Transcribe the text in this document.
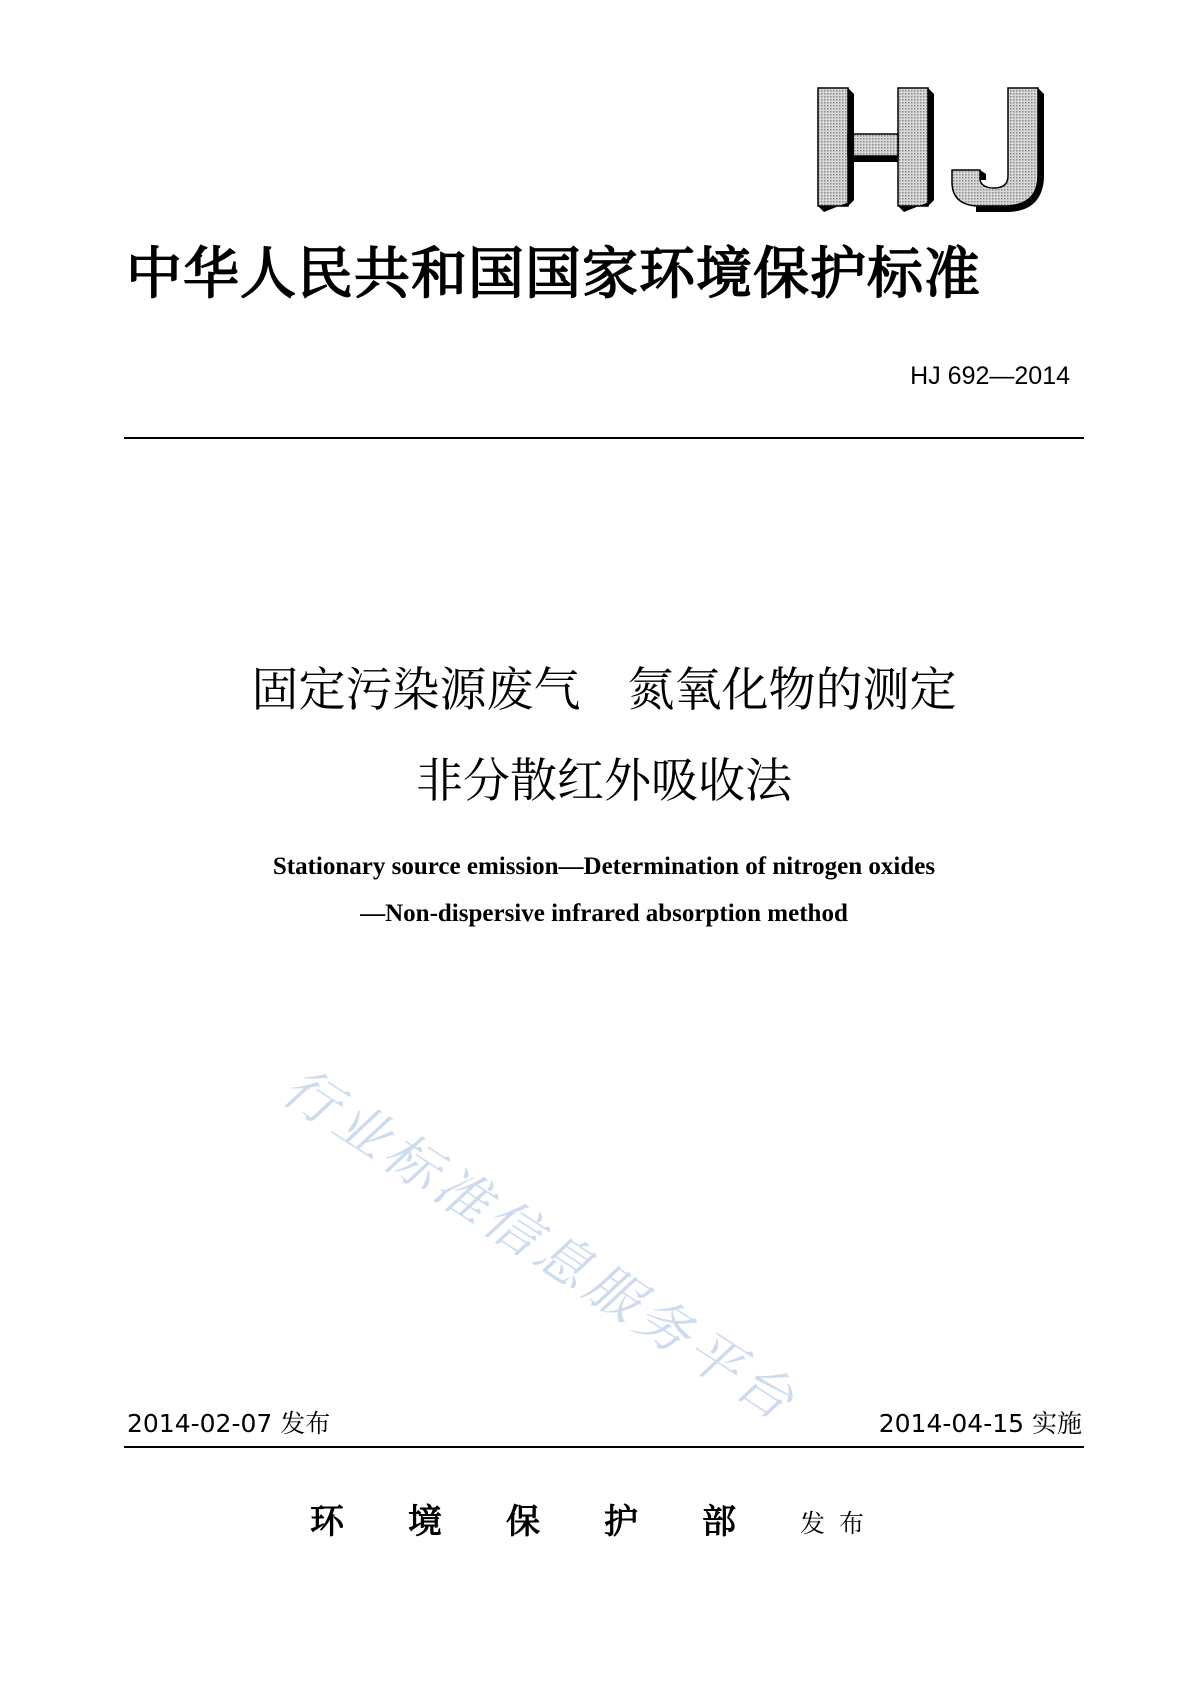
中华人民共和国国家环境保护标准
HJ 692—2014
固定污染源废气　氮氧化物的测定
非分散红外吸收法
Stationary source emission—Determination of nitrogen oxides
—Non-dispersive infrared absorption method
行业标准信息服务平台
2014-02-07 发布	2014-04-15 实施
环境保护部发布
